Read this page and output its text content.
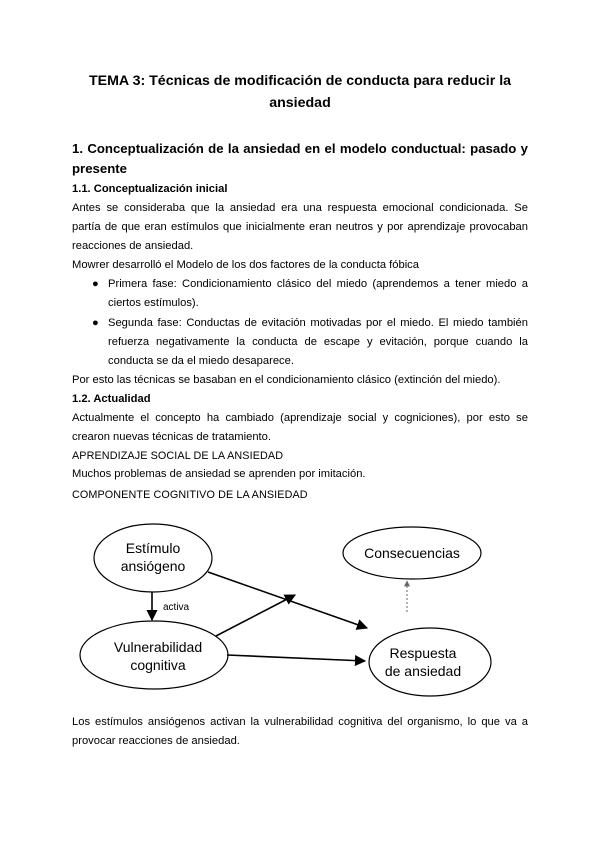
TEMA 3: Técnicas de modificación de conducta para reducir la ansiedad
1. Conceptualización de la ansiedad en el modelo conductual: pasado y presente
1.1. Conceptualización inicial
Antes se consideraba que la ansiedad era una respuesta emocional condicionada. Se partía de que eran estímulos que inicialmente eran neutros y por aprendizaje provocaban reacciones de ansiedad.
Mowrer desarrolló el Modelo de los dos factores de la conducta fóbica
● Primera fase: Condicionamiento clásico del miedo (aprendemos a tener miedo a ciertos estímulos).
● Segunda fase: Conductas de evitación motivadas por el miedo. El miedo también refuerza negativamente la conducta de escape y evitación, porque cuando la conducta se da el miedo desaparece.
Por esto las técnicas se basaban en el condicionamiento clásico (extinción del miedo).
1.2. Actualidad
Actualmente el concepto ha cambiado (aprendizaje social y cogniciones), por esto se crearon nuevas técnicas de tratamiento.
APRENDIZAJE SOCIAL DE LA ANSIEDAD
Muchos problemas de ansiedad se aprenden por imitación.
COMPONENTE COGNITIVO DE LA ANSIEDAD
Estímulo
ansiógeno
Consecuencias
Vulnerabilidad
cognitiva
Respuesta
de ansiedad
activa
Los estímulos ansiógenos activan la vulnerabilidad cognitiva del organismo, lo que va a provocar reacciones de ansiedad.
